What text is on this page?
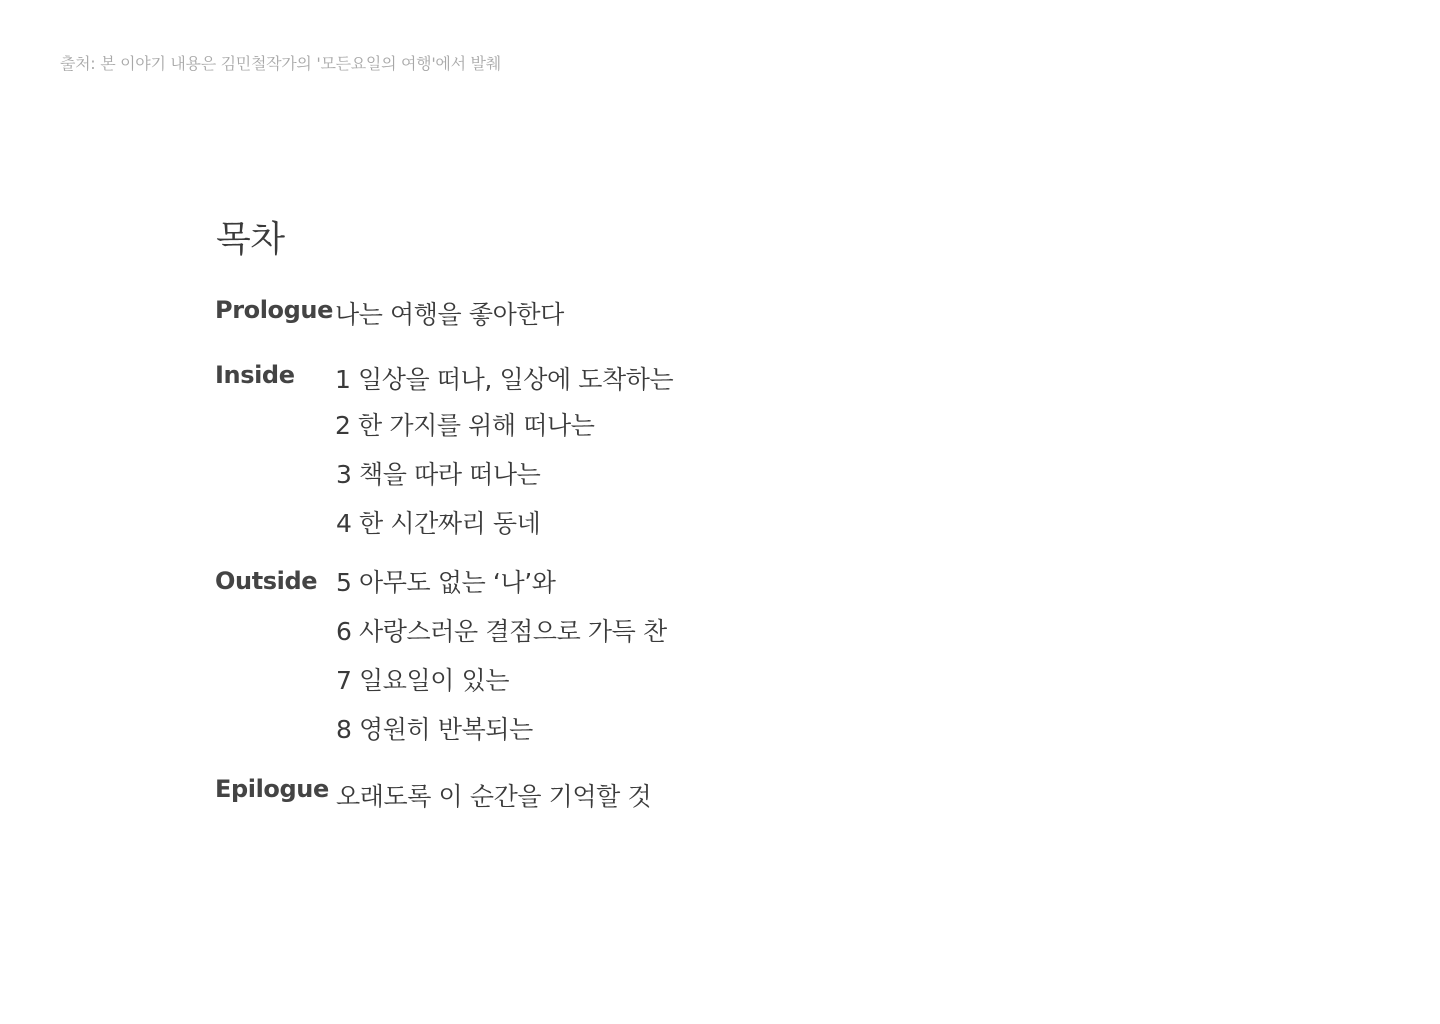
출처: 본 이야기 내용은 김민철작가의 '모든요일의 여행'에서 발췌
목차
Prologue 나는 여행을 좋아한다
Inside 1 일상을 떠나, 일상에 도착하는
2 한 가지를 위해 떠나는
3 책을 따라 떠나는
4 한 시간짜리 동네
Outside 5 아무도 없는 ‘나’와
6 사랑스러운 결점으로 가득 찬
7 일요일이 있는
8 영원히 반복되는
Epilogue 오래도록 이 순간을 기억할 것
